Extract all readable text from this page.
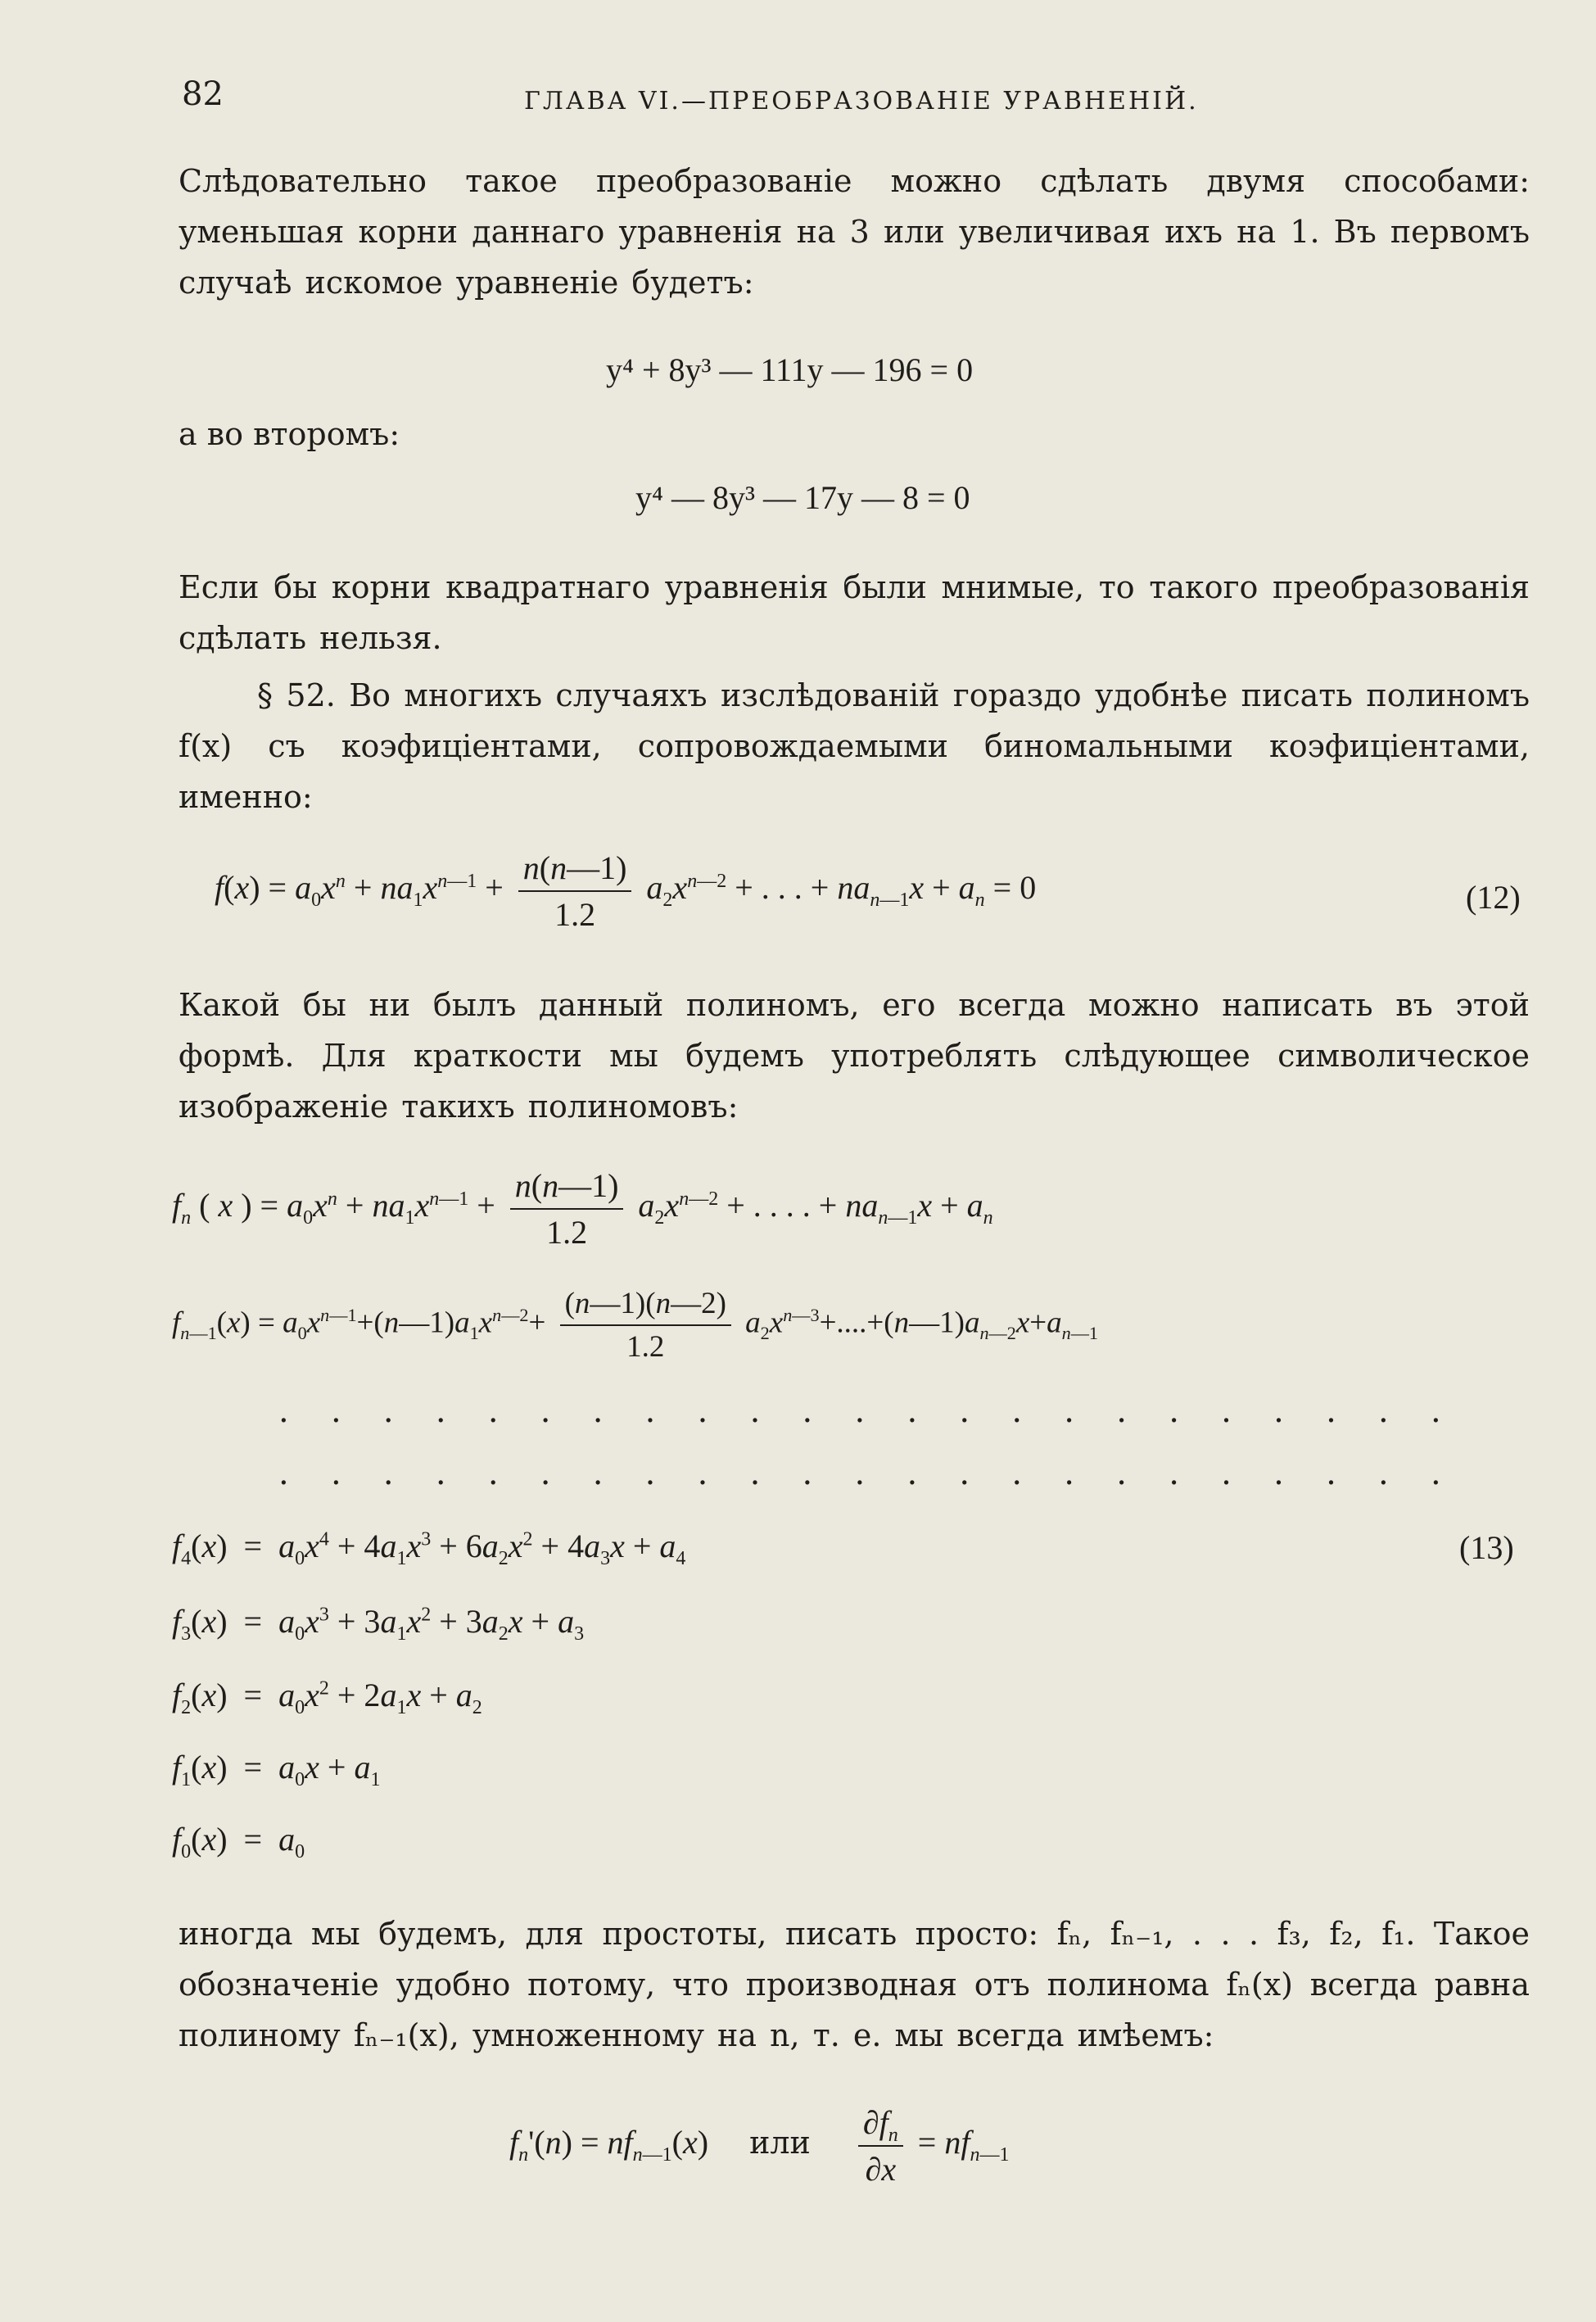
82	ГЛАВА VI.—ПРЕОБРАЗОВАНІЕ УРАВНЕНІЙ.
Слѣдовательно такое преобразованіе можно сдѣлать двумя способами: уменьшая корни даннаго уравненія на 3 или увеличивая ихъ на 1. Въ первомъ случаѣ искомое уравненіе будетъ:
y⁴ + 8y³ — 111y — 196 = 0
а во второмъ:
y⁴ — 8y³ — 17y — 8 = 0
Если бы корни квадратнаго уравненія были мнимые, то такого преобразованія сдѣлать нельзя.
§ 52. Во многихъ случаяхъ изслѣдованій гораздо удобнѣе писать полиномъ f(x) съ коэфиціентами, сопровождаемыми биномальными коэфиціентами, именно:
$f(x) = a_0x^n + na_1x^{n—1} + \frac{n(n—1)}{1.2} a_2x^{n—2}$ + . . . + $na_{n—1}x + a_n = 0$	(12)
Какой бы ни былъ данный полиномъ, его всегда можно написать въ этой формѣ. Для краткости мы будемъ употреблять слѣдующее символическое изображеніе такихъ полиномовъ:
$f_n$ ( x ) = $a_0x^n + na_1x^{n—1} + \frac{n(n—1)}{1.2} a_2x^{n—2}$ + . . . . + $na_{n—1}x + a_n$
$f_{n—1}(x)$ = $a_0x^{n—1}+(n—1)a_1x^{n—2}+ \frac{(n—1)(n—2)}{1.2}$ $a_2x^{n—3}+....+(n—1)a_{n—2}x+a_{n—1}$
. . . . . . . . . . . . . . . . . . . . . . .
. . . . . . . . . . . . . . . . . . . . . . .
$f_4(x) = a_0x^4 + 4a_1x^3 + 6a_2x^2 + 4a_3x + a_4$	(13)
$f_3(x) = a_0x^3 + 3a_1x^2 + 3a_2x + a_3$
$f_2(x) = a_0x^2 + 2a_1x + a_2$
$f_1(x) = a_0x + a_1$
$f_0(x) = a_0$
иногда мы будемъ, для простоты, писать просто: fₙ, fₙ₋₁, . . . f₃, f₂, f₁. Такое обозначеніе удобно потому, что производная отъ полинома fₙ(x) всегда равна полиному fₙ₋₁(x), умноженному на n, т. е. мы всегда имѣемъ:
$f_n'(n) = nf_{n—1}(x)$     или $\frac{\partial f_n}{\partial x} = nf_{n—1}$
